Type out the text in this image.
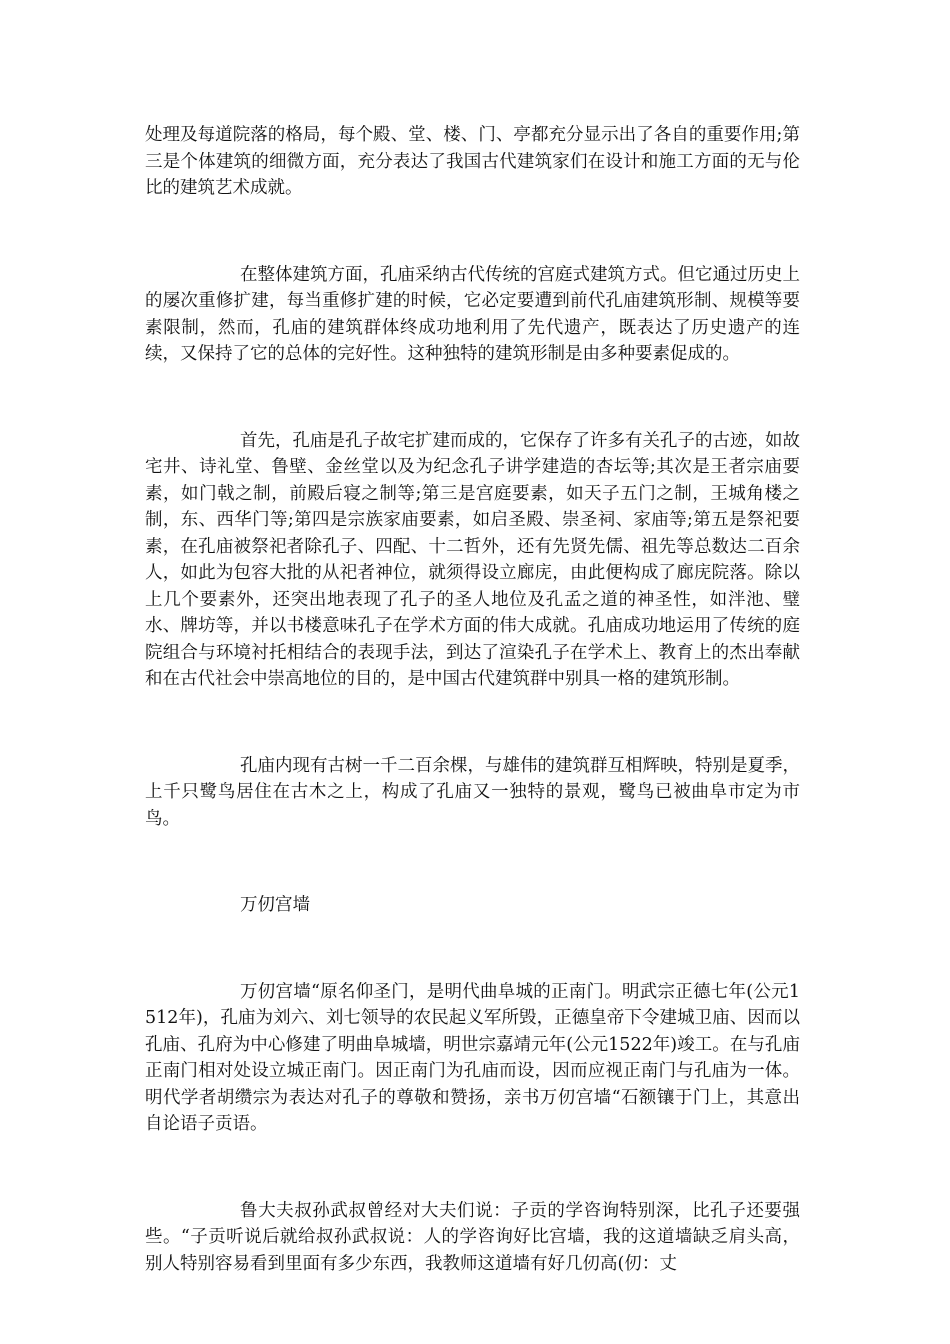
处理及每道院落的格局，每个殿、堂、楼、门、亭都充分显示出了各自的重要作用;第三是个体建筑的细微方面，充分表达了我国古代建筑家们在设计和施工方面的无与伦比的建筑艺术成就。

在整体建筑方面，孔庙采纳古代传统的宫庭式建筑方式。但它通过历史上的屡次重修扩建，每当重修扩建的时候，它必定要遭到前代孔庙建筑形制、规模等要素限制，然而，孔庙的建筑群体终成功地利用了先代遗产，既表达了历史遗产的连续，又保持了它的总体的完好性。这种独特的建筑形制是由多种要素促成的。

首先，孔庙是孔子故宅扩建而成的，它保存了许多有关孔子的古迹，如故宅井、诗礼堂、鲁壁、金丝堂以及为纪念孔子讲学建造的杏坛等;其次是王者宗庙要素，如门戟之制，前殿后寝之制等;第三是宫庭要素，如天子五门之制，王城角楼之制，东、西华门等;第四是宗族家庙要素，如启圣殿、崇圣祠、家庙等;第五是祭祀要素，在孔庙被祭祀者除孔子、四配、十二哲外，还有先贤先儒、祖先等总数达二百余人，如此为包容大批的从祀者神位，就须得设立廊庑，由此便构成了廊庑院落。除以上几个要素外，还突出地表现了孔子的圣人地位及孔孟之道的神圣性，如泮池、璧水、牌坊等，并以书楼意味孔子在学术方面的伟大成就。孔庙成功地运用了传统的庭院组合与环境衬托相结合的表现手法，到达了渲染孔子在学术上、教育上的杰出奉献和在古代社会中崇高地位的目的，是中国古代建筑群中别具一格的建筑形制。

孔庙内现有古树一千二百余棵，与雄伟的建筑群互相辉映，特别是夏季，上千只鹭鸟居住在古木之上，构成了孔庙又一独特的景观，鹭鸟已被曲阜市定为市鸟。

万仞宫墙

万仞宫墙“原名仰圣门，是明代曲阜城的正南门。明武宗正德七年(公元1512年)，孔庙为刘六、刘七领导的农民起义军所毁，正德皇帝下令建城卫庙、因而以孔庙、孔府为中心修建了明曲阜城墙，明世宗嘉靖元年(公元1522年)竣工。在与孔庙正南门相对处设立城正南门。因正南门为孔庙而设，因而应视正南门与孔庙为一体。明代学者胡缵宗为表达对孔子的尊敬和赞扬，亲书万仞宫墙“石额镶于门上，其意出自论语子贡语。

鲁大夫叔孙武叔曾经对大夫们说：子贡的学咨询特别深，比孔子还要强些。“子贡听说后就给叔孙武叔说：人的学咨询好比宫墙，我的这道墙缺乏肩头高，别人特别容易看到里面有多少东西，我教师这道墙有好几仞高(仞：丈
